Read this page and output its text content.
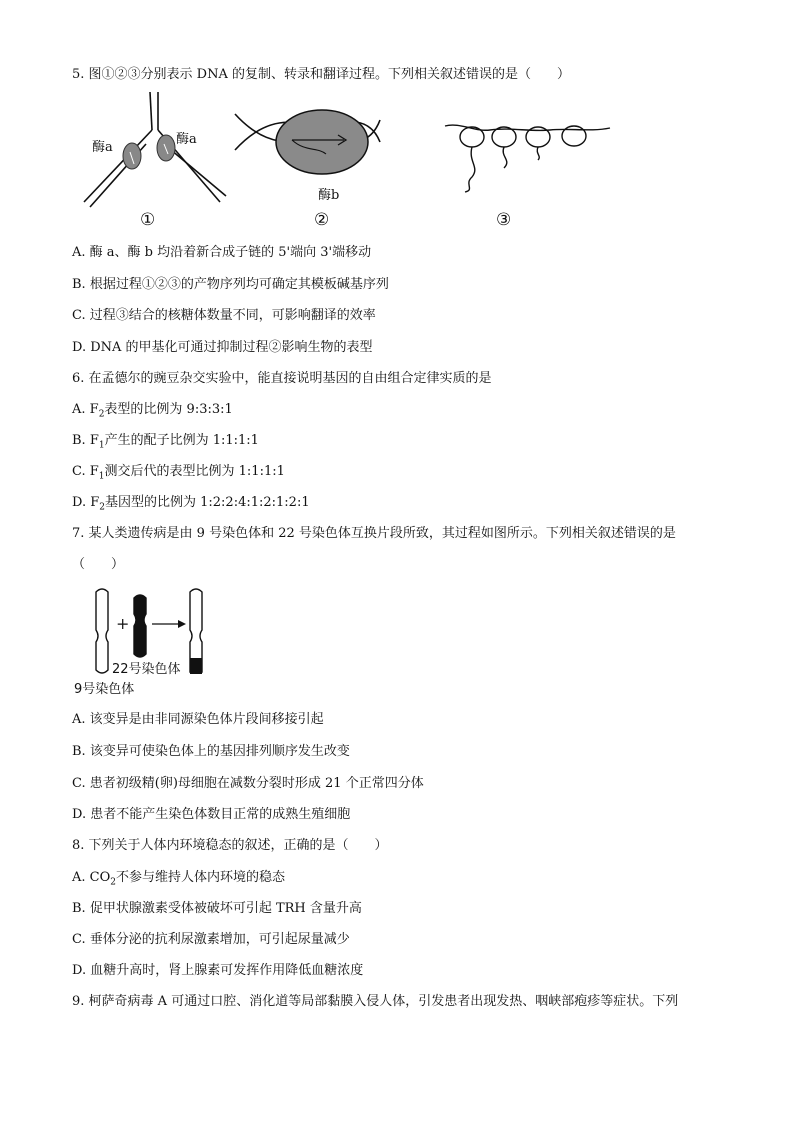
5. 图①②③分别表示 DNA 的复制、转录和翻译过程。下列相关叙述错误的是（　　）
酶a
酶a
酶b
①	②	③
A. 酶 a、酶 b 均沿着新合成子链的 5'端向 3'端移动
B. 根据过程①②③的产物序列均可确定其模板碱基序列
C. 过程③结合的核糖体数量不同，可影响翻译的效率
D. DNA 的甲基化可通过抑制过程②影响生物的表型
6. 在孟德尔的豌豆杂交实验中，能直接说明基因的自由组合定律实质的是
A. $F_2$表型的比例为 9:3:3:1
B. $F_1$产生的配子比例为 1:1:1:1
C. $F_1$测交后代的表型比例为 1:1:1:1
D. $F_2$基因型的比例为 1:2:2:4:1:2:1:2:1
7. 某人类遗传病是由 9 号染色体和 22 号染色体互换片段所致，其过程如图所示。下列相关叙述错误的是
（　　）
+
22号染色体
9号染色体
A. 该变异是由非同源染色体片段间移接引起
B. 该变异可使染色体上的基因排列顺序发生改变
C. 患者初级精(卵)母细胞在减数分裂时形成 21 个正常四分体
D. 患者不能产生染色体数目正常的成熟生殖细胞
8. 下列关于人体内环境稳态的叙述，正确的是（　　）
A. $CO_2$不参与维持人体内环境的稳态
B. 促甲状腺激素受体被破坏可引起 TRH 含量升高
C. 垂体分泌的抗利尿激素增加，可引起尿量减少
D. 血糖升高时，肾上腺素可发挥作用降低血糖浓度
9. 柯萨奇病毒 A 可通过口腔、消化道等局部黏膜入侵人体，引发患者出现发热、咽峡部疱疹等症状。下列
